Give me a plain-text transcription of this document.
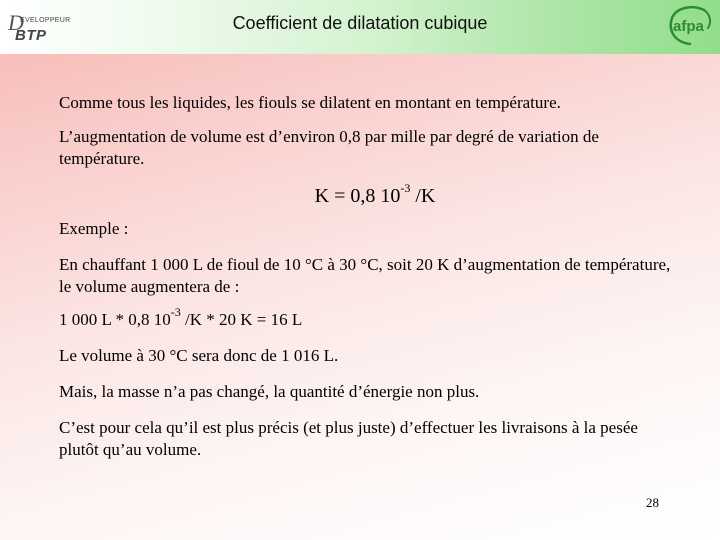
D
EVELOPPEUR
BTP
Coefficient de dilatation cubique	afpa

Comme tous les liquides, les fiouls se dilatent en montant en température.

L’augmentation de volume est d’environ 0,8 par mille par degré de variation de température.

K = 0,8 $10^{-3}$ /K

Exemple :

En chauffant 1 000 L de fioul de 10 °C à 30 °C, soit 20 K d’augmentation de température, le volume augmentera de :

1 000 L * 0,8 $10^{-3}$ /K * 20 K = 16 L

Le volume à 30 °C sera donc de 1 016 L.

Mais, la masse n’a pas changé, la quantité d’énergie non plus.

C’est pour cela qu’il est plus précis (et plus juste) d’effectuer les livraisons à la pesée plutôt qu’au volume.

28
